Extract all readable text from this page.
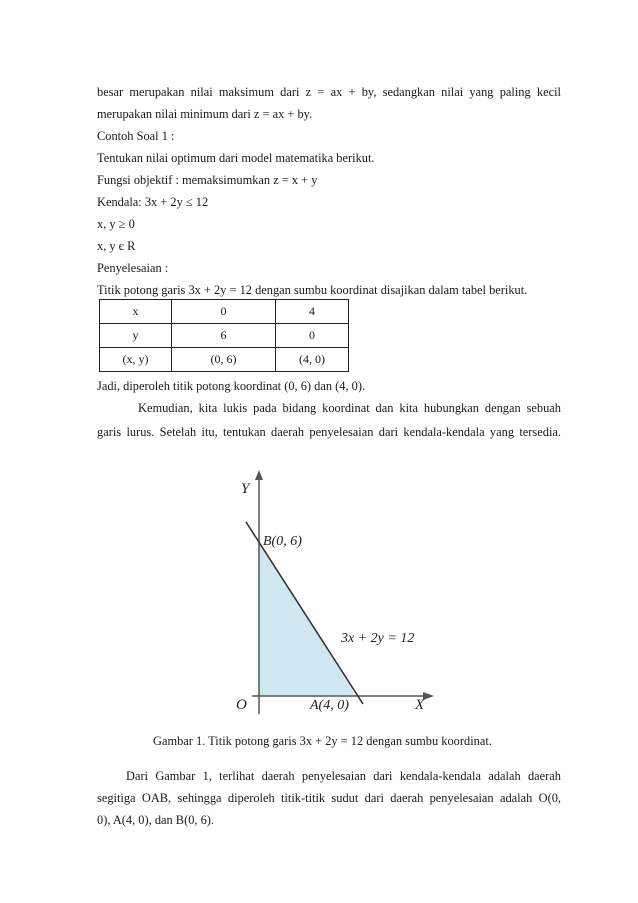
besar merupakan nilai maksimum dari z = ax + by, sedangkan nilai yang paling kecil
merupakan nilai minimum dari z = ax + by.
Contoh Soal 1 :
Tentukan nilai optimum dari model matematika berikut.
Fungsi objektif : memaksimumkan z = x + y
Kendala: 3x + 2y ≤ 12
x, y ≥ 0
x, y є R
Penyelesaian :
Titik potong garis 3x + 2y = 12 dengan sumbu koordinat disajikan dalam tabel berikut.
x	0	4
y	6	0
(x, y)	(0, 6)	(4, 0)
Jadi, diperoleh titik potong koordinat (0, 6) dan (4, 0).
Kemudian, kita lukis pada bidang koordinat dan kita hubungkan dengan sebuah
garis lurus. Setelah itu, tentukan daerah penyelesaian dari kendala-kendala yang tersedia.
Y
X
O
B(0, 6)
A(4, 0)
3x + 2y = 12
Gambar 1. Titik potong garis 3x + 2y = 12 dengan sumbu koordinat.
Dari Gambar 1, terlihat daerah penyelesaian dari kendala-kendala adalah daerah
segitiga OAB, sehingga diperoleh titik-titik sudut dari daerah penyelesaian adalah O(0,
0), A(4, 0), dan B(0, 6).
